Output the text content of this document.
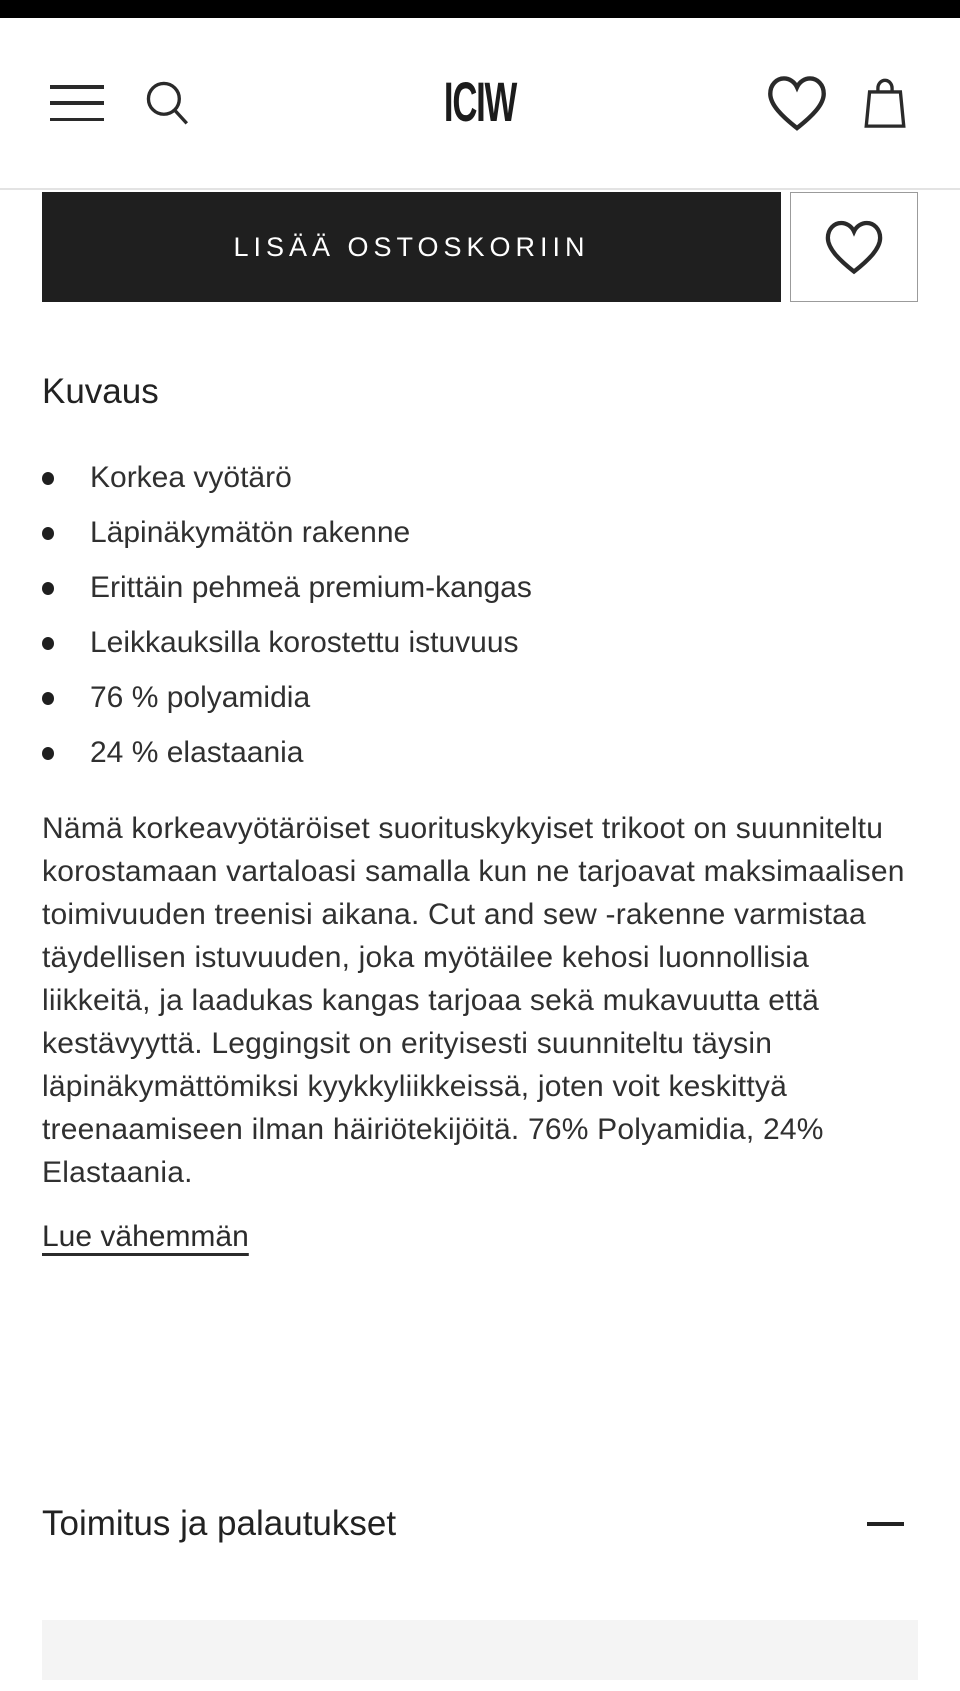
ICIW
LISÄÄ OSTOSKORIIN
Kuvaus
Korkea vyötärö
Läpinäkymätön rakenne
Erittäin pehmeä premium-kangas
Leikkauksilla korostettu istuvuus
76 % polyamidia
24 % elastaania

Nämä korkeavyötäröiset suorituskykyiset trikoot on suunniteltu korostamaan vartaloasi samalla kun ne tarjoavat maksimaalisen toimivuuden treenisi aikana. Cut and sew -rakenne varmistaa täydellisen istuvuuden, joka myötäilee kehosi luonnollisia liikkeitä, ja laadukas kangas tarjoaa sekä mukavuutta että kestävyyttä. Leggingsit on erityisesti suunniteltu täysin läpinäkymättömiksi kyykkyliikkeissä, joten voit keskittyä treenaamiseen ilman häiriötekijöitä. 76% Polyamidia, 24% Elastaania.

Lue vähemmän
Toimitus ja palautukset
